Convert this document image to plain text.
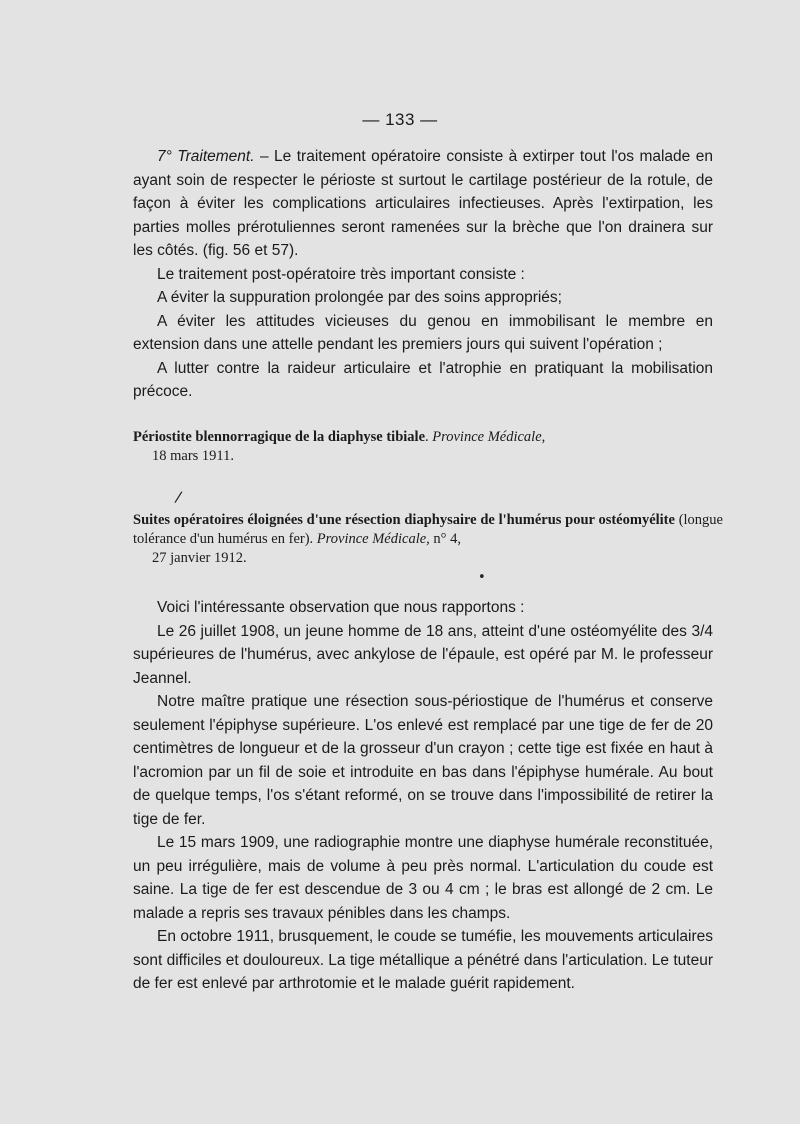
— 133 —

7° Traitement. – Le traitement opératoire consiste à extirper tout l'os malade en ayant soin de respecter le périoste st surtout le cartilage postérieur de la rotule, de façon à éviter les complications articulaires infectieuses. Après l'extirpation, les parties molles prérotuliennes seront ramenées sur la brèche que l'on drainera sur les côtés. (fig. 56 et 57).

Le traitement post-opératoire très important consiste :

A éviter la suppuration prolongée par des soins appropriés;

A éviter les attitudes vicieuses du genou en immobilisant le membre en extension dans une attelle pendant les premiers jours qui suivent l'opération ;

A lutter contre la raideur articulaire et l'atrophie en pratiquant la mobilisation précoce.

Périostite blennorragique de la diaphyse tibiale. Province Médicale,
18 mars 1911.
/
Suites opératoires éloignées d'une résection diaphysaire de l'humérus pour ostéomyélite (longue tolérance d'un humérus en fer). Province Médicale, n° 4,
27 janvier 1912.
•

Voici l'intéressante observation que nous rapportons :

Le 26 juillet 1908, un jeune homme de 18 ans, atteint d'une ostéomyélite des 3/4 supérieures de l'humérus, avec ankylose de l'épaule, est opéré par M. le professeur Jeannel.

Notre maître pratique une résection sous-périostique de l'humérus et conserve seulement l'épiphyse supérieure. L'os enlevé est remplacé par une tige de fer de 20 centimètres de longueur et de la grosseur d'un crayon ; cette tige est fixée en haut à l'acromion par un fil de soie et introduite en bas dans l'épiphyse humérale. Au bout de quelque temps, l'os s'étant reformé, on se trouve dans l'impossibilité de retirer la tige de fer.

Le 15 mars 1909, une radiographie montre une diaphyse humérale reconstituée, un peu irrégulière, mais de volume à peu près normal. L'articulation du coude est saine. La tige de fer est descendue de 3 ou 4 cm ; le bras est allongé de 2 cm. Le malade a repris ses travaux pénibles dans les champs.

En octobre 1911, brusquement, le coude se tuméfie, les mouvements articulaires sont difficiles et douloureux. La tige métallique a pénétré dans l'articulation. Le tuteur de fer est enlevé par arthrotomie et le malade guérit rapidement.
